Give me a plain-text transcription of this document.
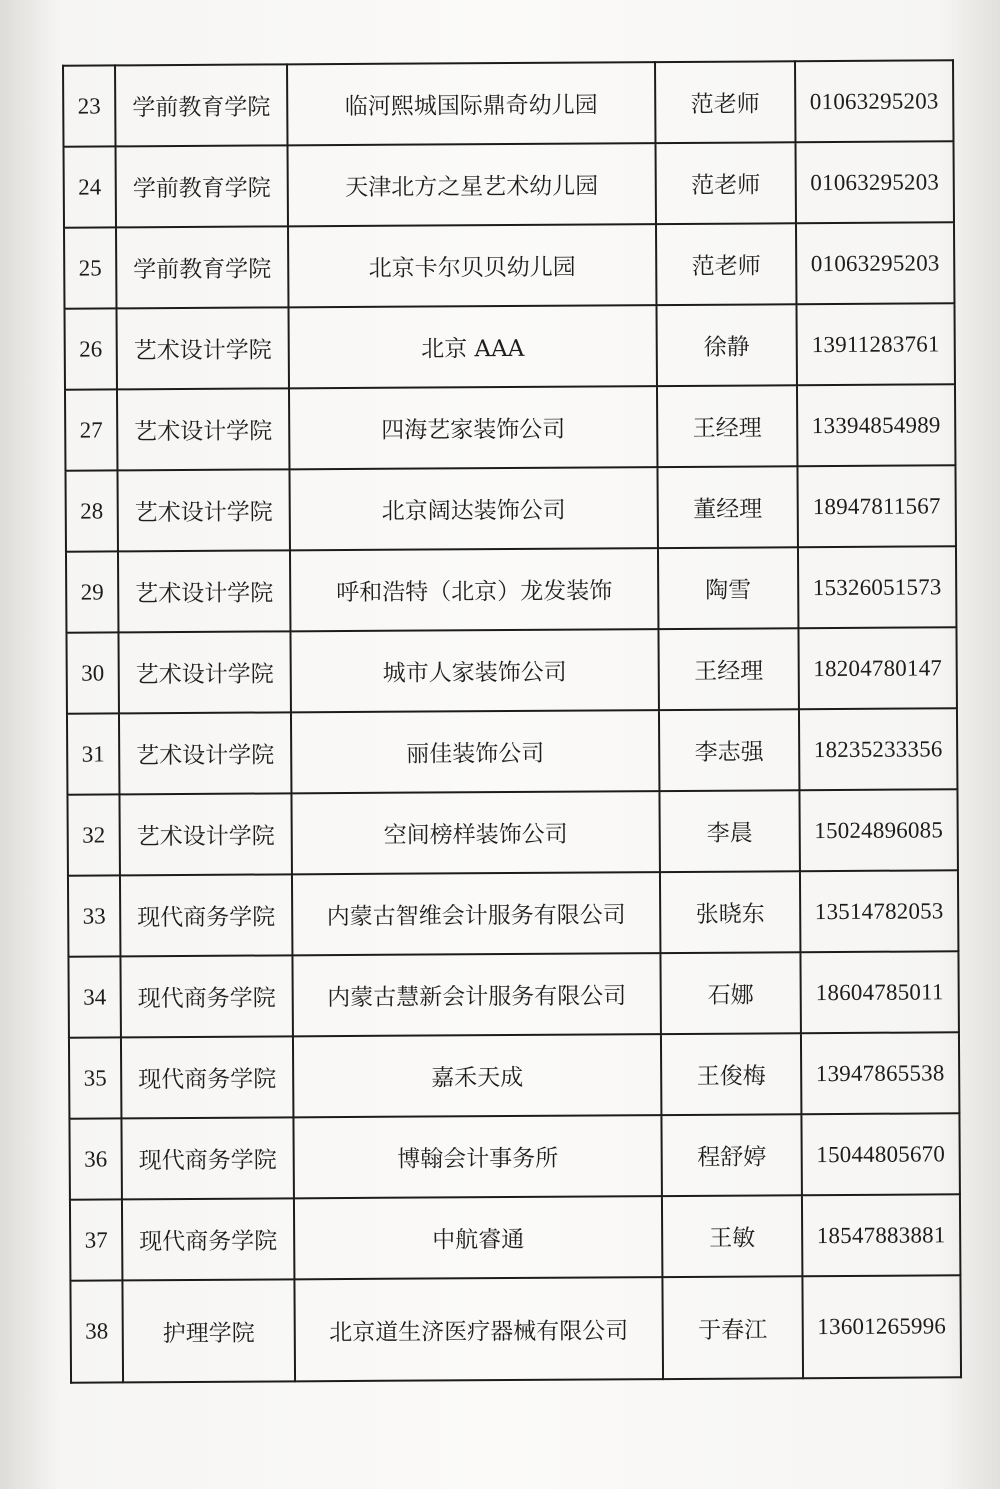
23	学前教育学院	临河熙城国际鼎奇幼儿园	范老师	01063295203
24	学前教育学院	天津北方之星艺术幼儿园	范老师	01063295203
25	学前教育学院	北京卡尔贝贝幼儿园	范老师	01063295203
26	艺术设计学院	北京 AAA	徐静	13911283761
27	艺术设计学院	四海艺家装饰公司	王经理	13394854989
28	艺术设计学院	北京阔达装饰公司	董经理	18947811567
29	艺术设计学院	呼和浩特（北京）龙发装饰	陶雪	15326051573
30	艺术设计学院	城市人家装饰公司	王经理	18204780147
31	艺术设计学院	丽佳装饰公司	李志强	18235233356
32	艺术设计学院	空间榜样装饰公司	李晨	15024896085
33	现代商务学院	内蒙古智维会计服务有限公司	张晓东	13514782053
34	现代商务学院	内蒙古慧新会计服务有限公司	石娜	18604785011
35	现代商务学院	嘉禾天成	王俊梅	13947865538
36	现代商务学院	博翰会计事务所	程舒婷	15044805670
37	现代商务学院	中航睿通	王敏	18547883881
38	护理学院	北京道生济医疗器械有限公司	于春江	13601265996
